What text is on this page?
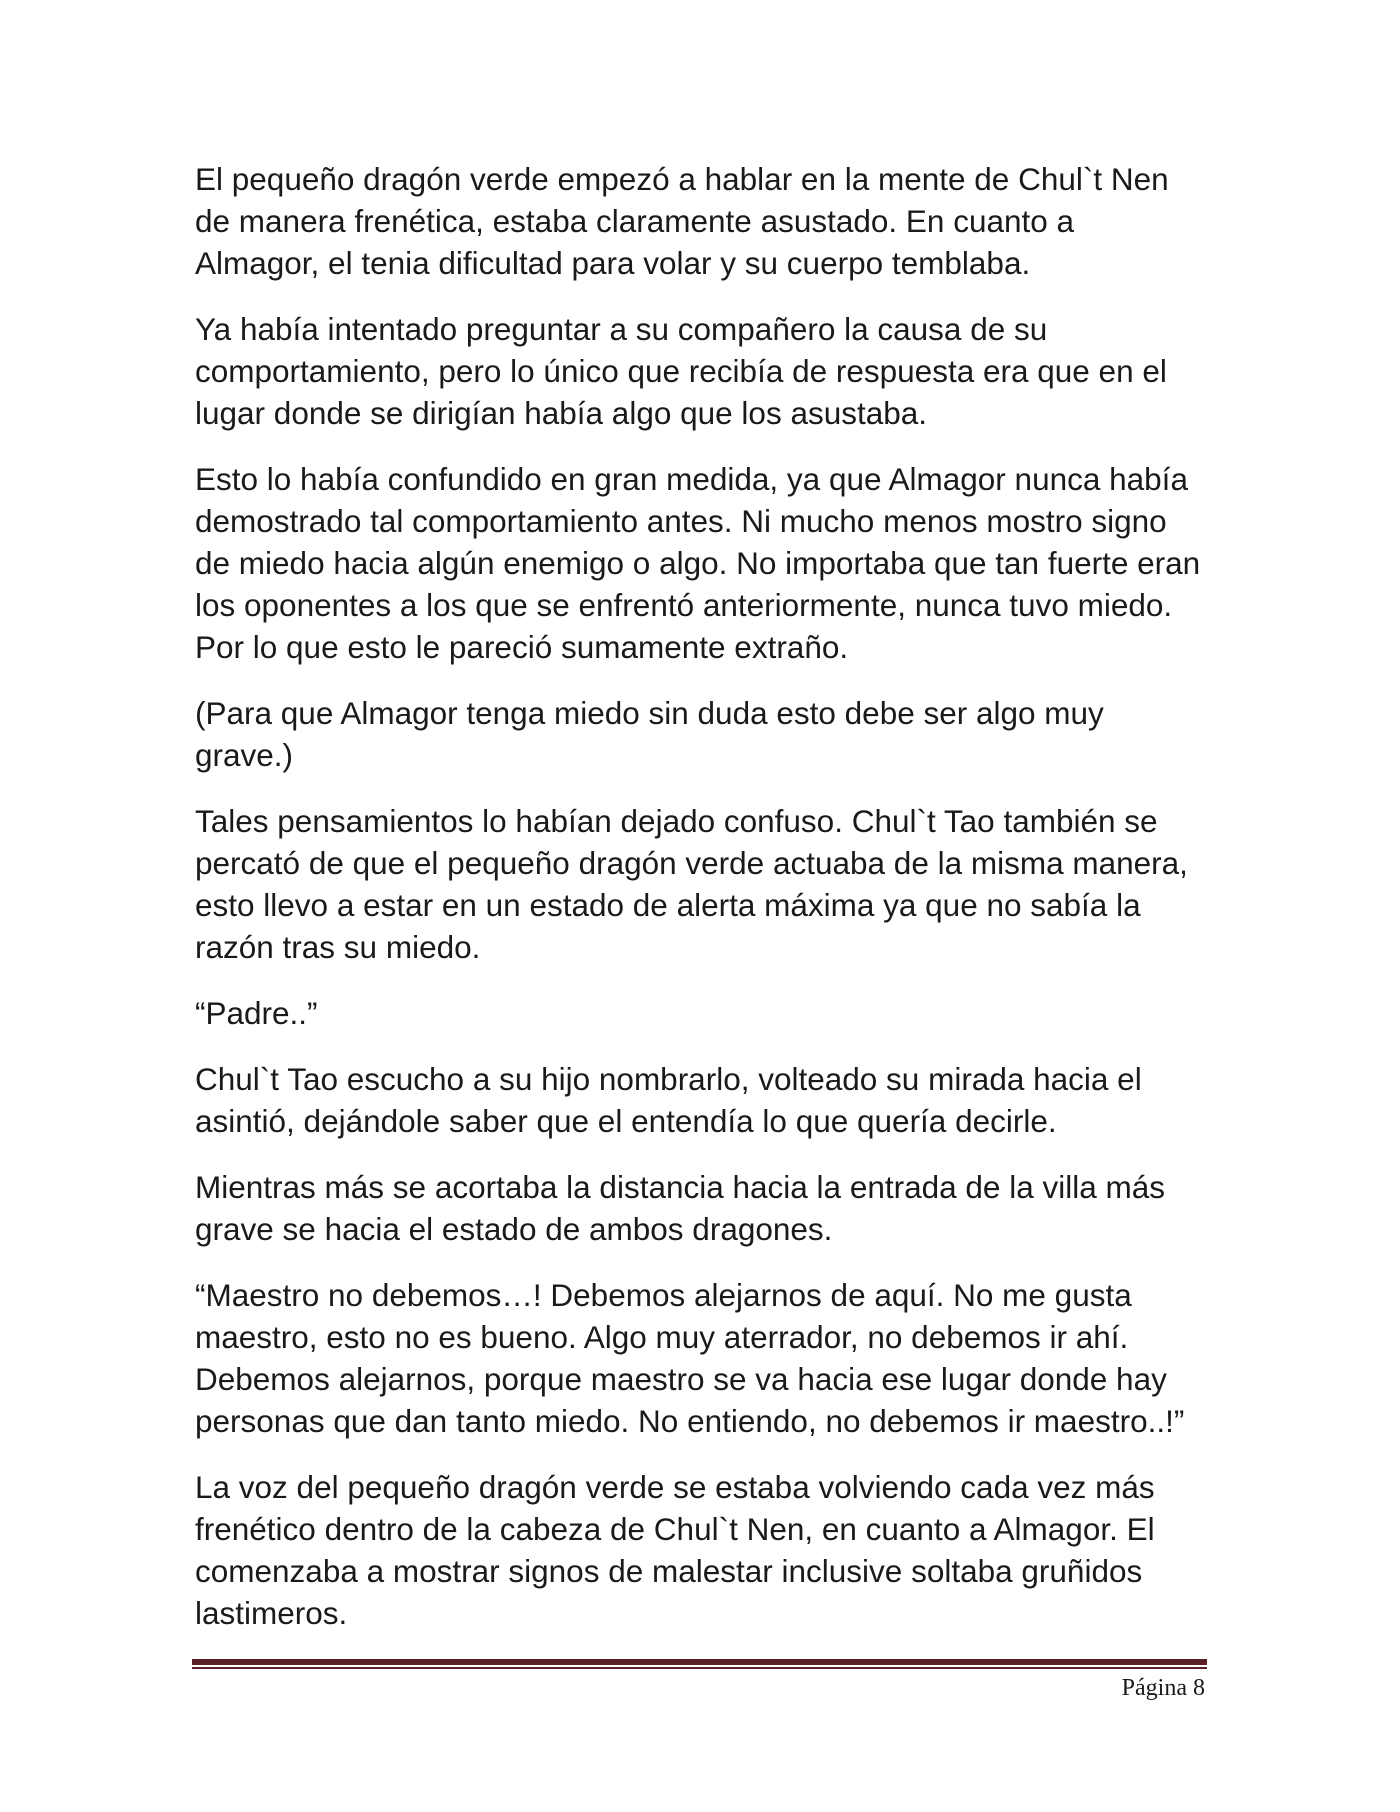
El pequeño dragón verde empezó a hablar en la mente de Chul`t Nen de manera frenética, estaba claramente asustado. En cuanto a Almagor, el tenia dificultad para volar y su cuerpo temblaba.

Ya había intentado preguntar a su compañero la causa de su comportamiento, pero lo único que recibía de respuesta era que en el lugar donde se dirigían había algo que los asustaba.

Esto lo había confundido en gran medida, ya que Almagor nunca había demostrado tal comportamiento antes. Ni mucho menos mostro signo de miedo hacia algún enemigo o algo. No importaba que tan fuerte eran los oponentes a los que se enfrentó anteriormente, nunca tuvo miedo. Por lo que esto le pareció sumamente extraño.

(Para que Almagor tenga miedo sin duda esto debe ser algo muy grave.)

Tales pensamientos lo habían dejado confuso. Chul`t Tao también se percató de que el pequeño dragón verde actuaba de la misma manera, esto llevo a estar en un estado de alerta máxima ya que no sabía la razón tras su miedo.

“Padre..”

Chul`t Tao escucho a su hijo nombrarlo, volteado su mirada hacia el asintió, dejándole saber que el entendía lo que quería decirle.

Mientras más se acortaba la distancia hacia la entrada de la villa más grave se hacia el estado de ambos dragones.

“Maestro no debemos…! Debemos alejarnos de aquí. No me gusta maestro, esto no es bueno. Algo muy aterrador, no debemos ir ahí. Debemos alejarnos, porque maestro se va hacia ese lugar donde hay personas que dan tanto miedo. No entiendo, no debemos ir maestro..!”

La voz del pequeño dragón verde se estaba volviendo cada vez más frenético dentro de la cabeza de Chul`t Nen, en cuanto a Almagor. El comenzaba a mostrar signos de malestar inclusive soltaba gruñidos lastimeros.

Página 8
